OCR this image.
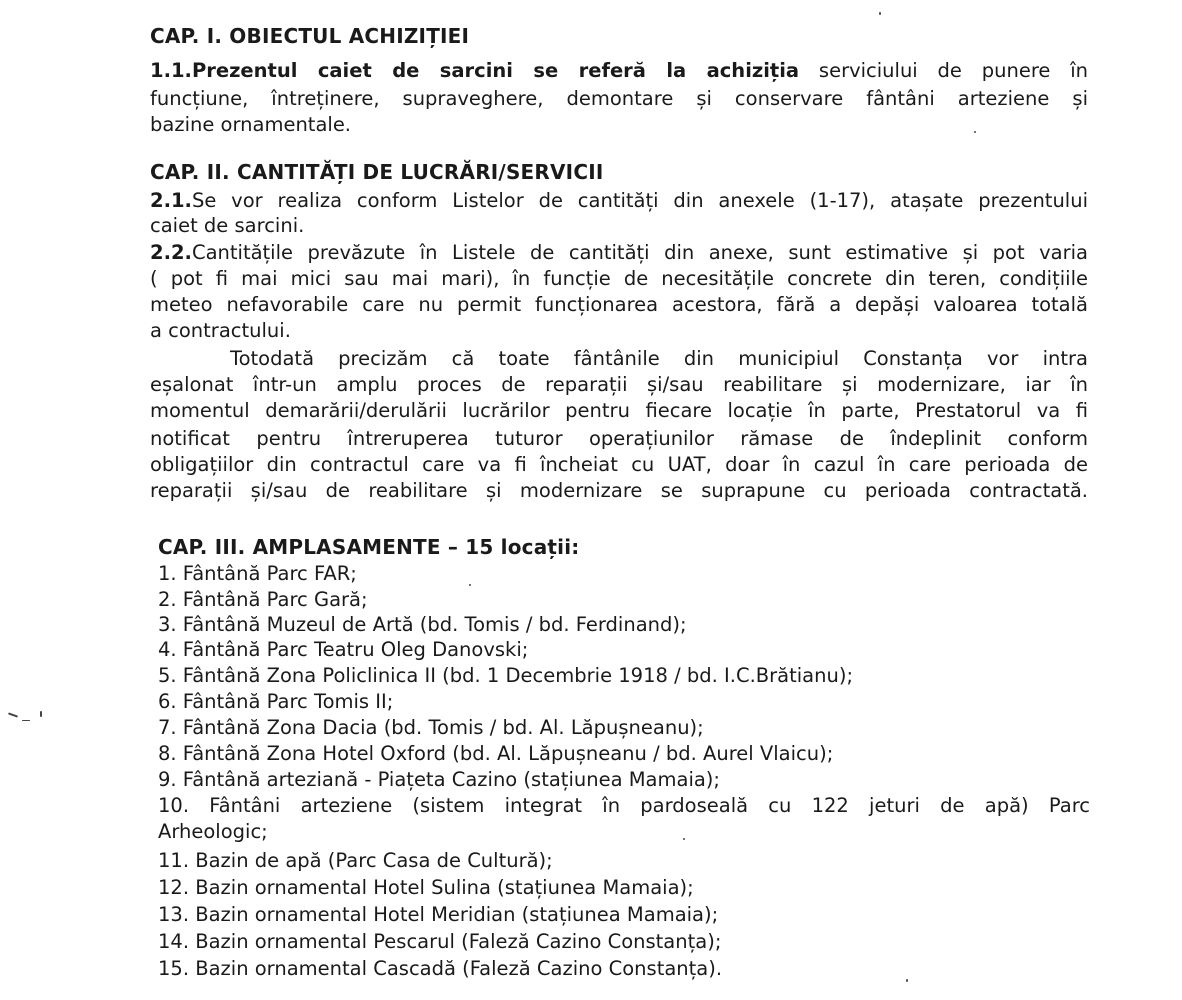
CAP. I. OBIECTUL ACHIZIȚIEI

1.1.Prezentul caiet de sarcini se referă la achiziția serviciului de punere în

funcțiune, întreținere, supraveghere, demontare și conservare fântâni arteziene și

bazine ornamentale.

CAP. II. CANTITĂȚI DE LUCRĂRI/SERVICII

2.1.Se vor realiza conform Listelor de cantități din anexele (1-17), atașate prezentului

caiet de sarcini.

2.2.Cantitățile prevăzute în Listele de cantități din anexe, sunt estimative și pot varia

( pot fi mai mici sau mai mari), în funcție de necesitățile concrete din teren, condițiile

meteo nefavorabile care nu permit funcționarea acestora, fără a depăși valoarea totală

a contractului.

Totodată precizăm că toate fântânile din municipiul Constanța vor intra

eșalonat într-un amplu proces de reparații și/sau reabilitare și modernizare, iar în

momentul demarării/derulării lucrărilor pentru fiecare locație în parte, Prestatorul va fi

notificat pentru întreruperea tuturor operațiunilor rămase de îndeplinit conform

obligațiilor din contractul care va fi încheiat cu UAT, doar în cazul în care perioada de

reparații și/sau de reabilitare și modernizare se suprapune cu perioada contractată.

CAP. III. AMPLASAMENTE – 15 locații:

1. Fântână Parc FAR;

2. Fântână Parc Gară;

3. Fântână Muzeul de Artă (bd. Tomis / bd. Ferdinand);

4. Fântână Parc Teatru Oleg Danovski;

5. Fântână Zona Policlinica II (bd. 1 Decembrie 1918 / bd. I.C.Brătianu);

6. Fântână Parc Tomis II;

7. Fântână Zona Dacia (bd. Tomis / bd. Al. Lăpușneanu);

8. Fântână Zona Hotel Oxford (bd. Al. Lăpușneanu / bd. Aurel Vlaicu);

9. Fântână arteziană - Piațeta Cazino (stațiunea Mamaia);

10. Fântâni arteziene (sistem integrat în pardoseală cu 122 jeturi de apă) Parc

Arheologic;

11. Bazin de apă (Parc Casa de Cultură);

12. Bazin ornamental Hotel Sulina (stațiunea Mamaia);

13. Bazin ornamental Hotel Meridian (stațiunea Mamaia);

14. Bazin ornamental Pescarul (Faleză Cazino Constanța);

15. Bazin ornamental Cascadă (Faleză Cazino Constanța).
